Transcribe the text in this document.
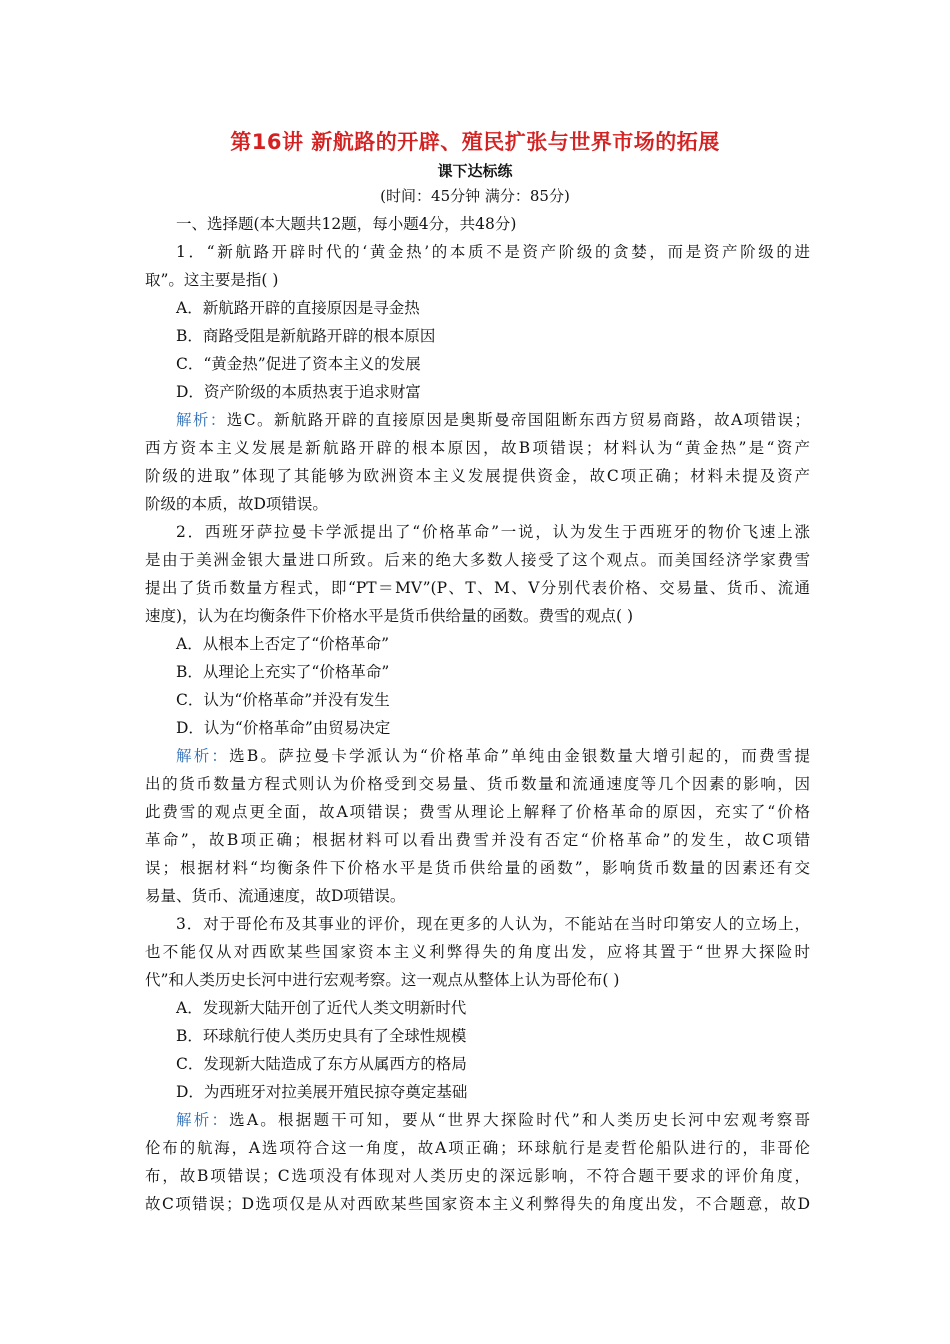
第16讲 新航路的开辟、殖民扩张与世界市场的拓展
课下达标练
(时间：45分钟 满分：85分)
一、选择题(本大题共12题，每小题4分，共48分)
1．“新航路开辟时代的‘黄金热’的本质不是资产阶级的贪婪，而是资产阶级的进
取”。这主要是指( )
A．新航路开辟的直接原因是寻金热
B．商路受阻是新航路开辟的根本原因
C．“黄金热”促进了资本主义的发展
D．资产阶级的本质热衷于追求财富
解析：选C。新航路开辟的直接原因是奥斯曼帝国阻断东西方贸易商路，故A项错误；
西方资本主义发展是新航路开辟的根本原因，故B项错误；材料认为“黄金热”是“资产
阶级的进取”体现了其能够为欧洲资本主义发展提供资金，故C项正确；材料未提及资产
阶级的本质，故D项错误。
2．西班牙萨拉曼卡学派提出了“价格革命”一说，认为发生于西班牙的物价飞速上涨
是由于美洲金银大量进口所致。后来的绝大多数人接受了这个观点。而美国经济学家费雪
提出了货币数量方程式，即“PT＝MV”(P、T、M、V分别代表价格、交易量、货币、流通
速度)，认为在均衡条件下价格水平是货币供给量的函数。费雪的观点( )
A．从根本上否定了“价格革命”
B．从理论上充实了“价格革命”
C．认为“价格革命”并没有发生
D．认为“价格革命”由贸易决定
解析：选B。萨拉曼卡学派认为“价格革命”单纯由金银数量大增引起的，而费雪提
出的货币数量方程式则认为价格受到交易量、货币数量和流通速度等几个因素的影响，因
此费雪的观点更全面，故A项错误；费雪从理论上解释了价格革命的原因，充实了“价格
革命”，故B项正确；根据材料可以看出费雪并没有否定“价格革命”的发生，故C项错
误；根据材料“均衡条件下价格水平是货币供给量的函数”，影响货币数量的因素还有交
易量、货币、流通速度，故D项错误。
3．对于哥伦布及其事业的评价，现在更多的人认为，不能站在当时印第安人的立场上，
也不能仅从对西欧某些国家资本主义利弊得失的角度出发，应将其置于“世界大探险时
代”和人类历史长河中进行宏观考察。这一观点从整体上认为哥伦布( )
A．发现新大陆开创了近代人类文明新时代
B．环球航行使人类历史具有了全球性规模
C．发现新大陆造成了东方从属西方的格局
D．为西班牙对拉美展开殖民掠夺奠定基础
解析：选A。根据题干可知，要从“世界大探险时代”和人类历史长河中宏观考察哥
伦布的航海，A选项符合这一角度，故A项正确；环球航行是麦哲伦船队进行的，非哥伦
布，故B项错误；C选项没有体现对人类历史的深远影响，不符合题干要求的评价角度，
故C项错误；D选项仅是从对西欧某些国家资本主义利弊得失的角度出发，不合题意，故D
